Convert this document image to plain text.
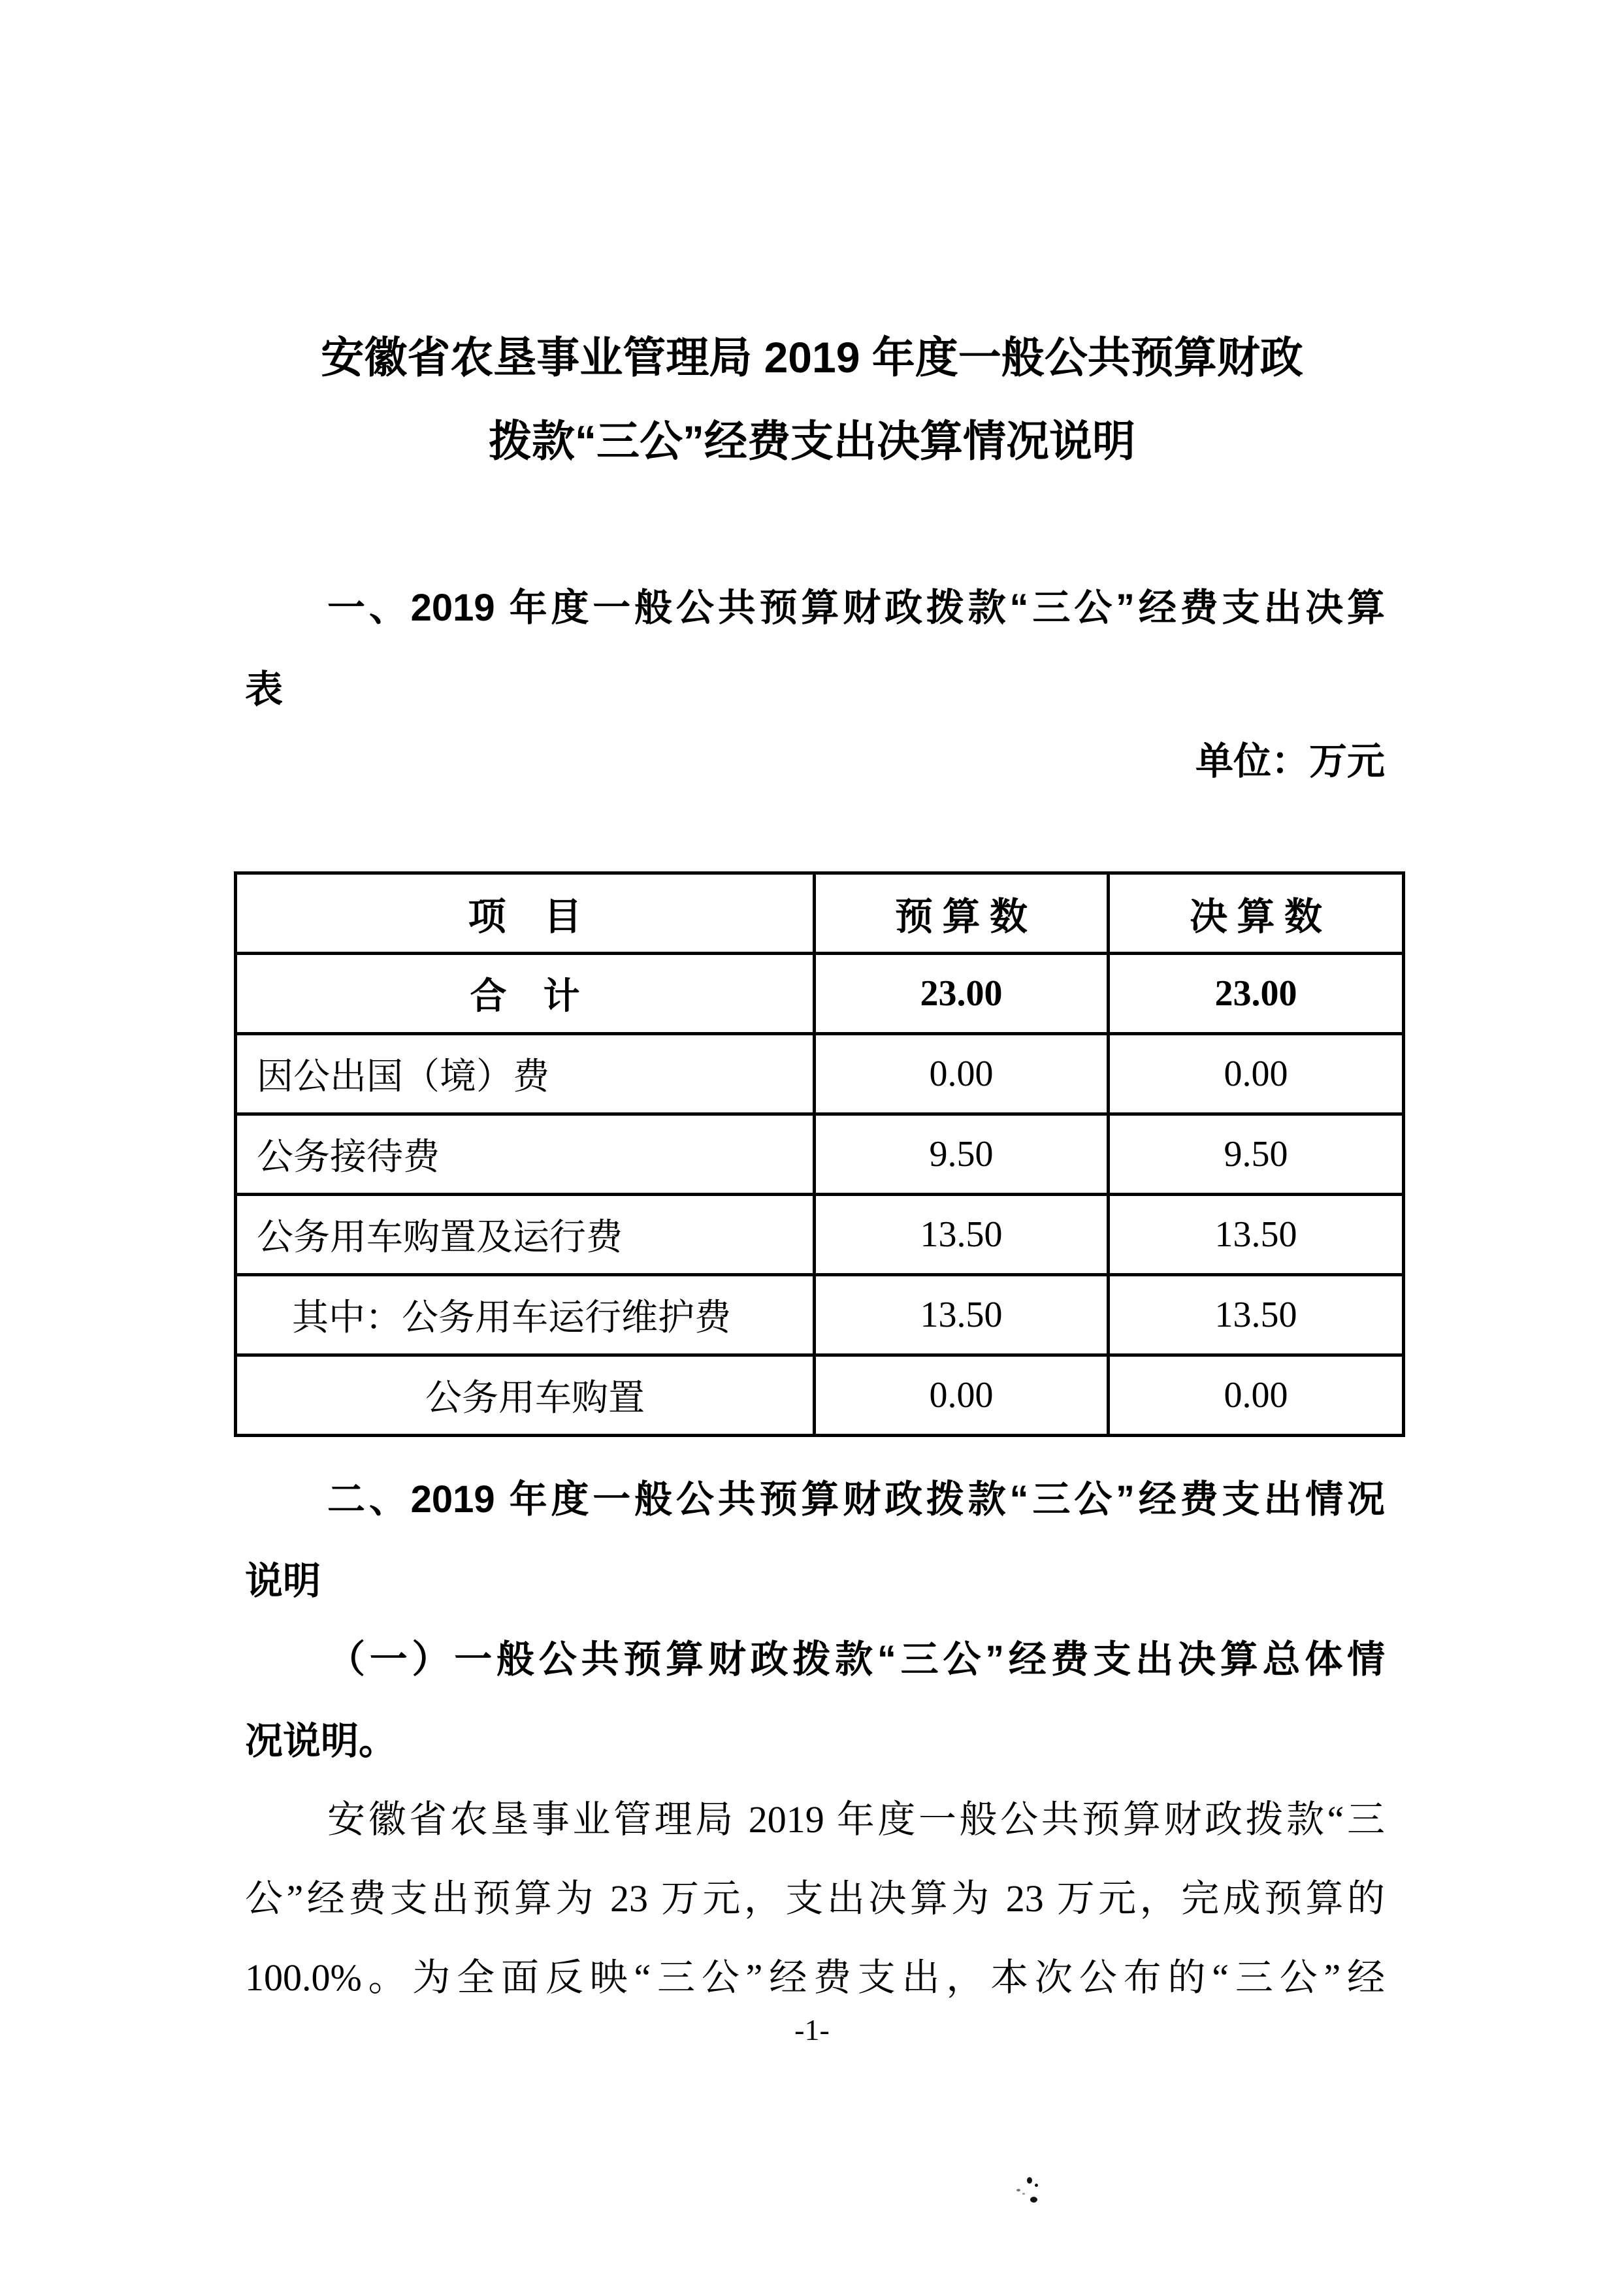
安徽省农垦事业管理局 2019 年度一般公共预算财政
拨款“三公”经费支出决算情况说明
一、2019 年度一般公共预算财政拨款“三公”经费支出决算
表
单位：万元
项　目	预 算 数	决 算 数
合　计	23.00	23.00
因公出国（境）费	0.00	0.00
公务接待费	9.50	9.50
公务用车购置及运行费	13.50	13.50
其中：公务用车运行维护费	13.50	13.50
公务用车购置	0.00	0.00
二、2019 年度一般公共预算财政拨款“三公”经费支出情况
说明
（一）一般公共预算财政拨款“三公”经费支出决算总体情
况说明。
安徽省农垦事业管理局 2019 年度一般公共预算财政拨款“三
公”经费支出预算为 23 万元，支出决算为 23 万元，完成预算的
100.0%。为全面反映“三公”经费支出，本次公布的“三公”经
-1-
